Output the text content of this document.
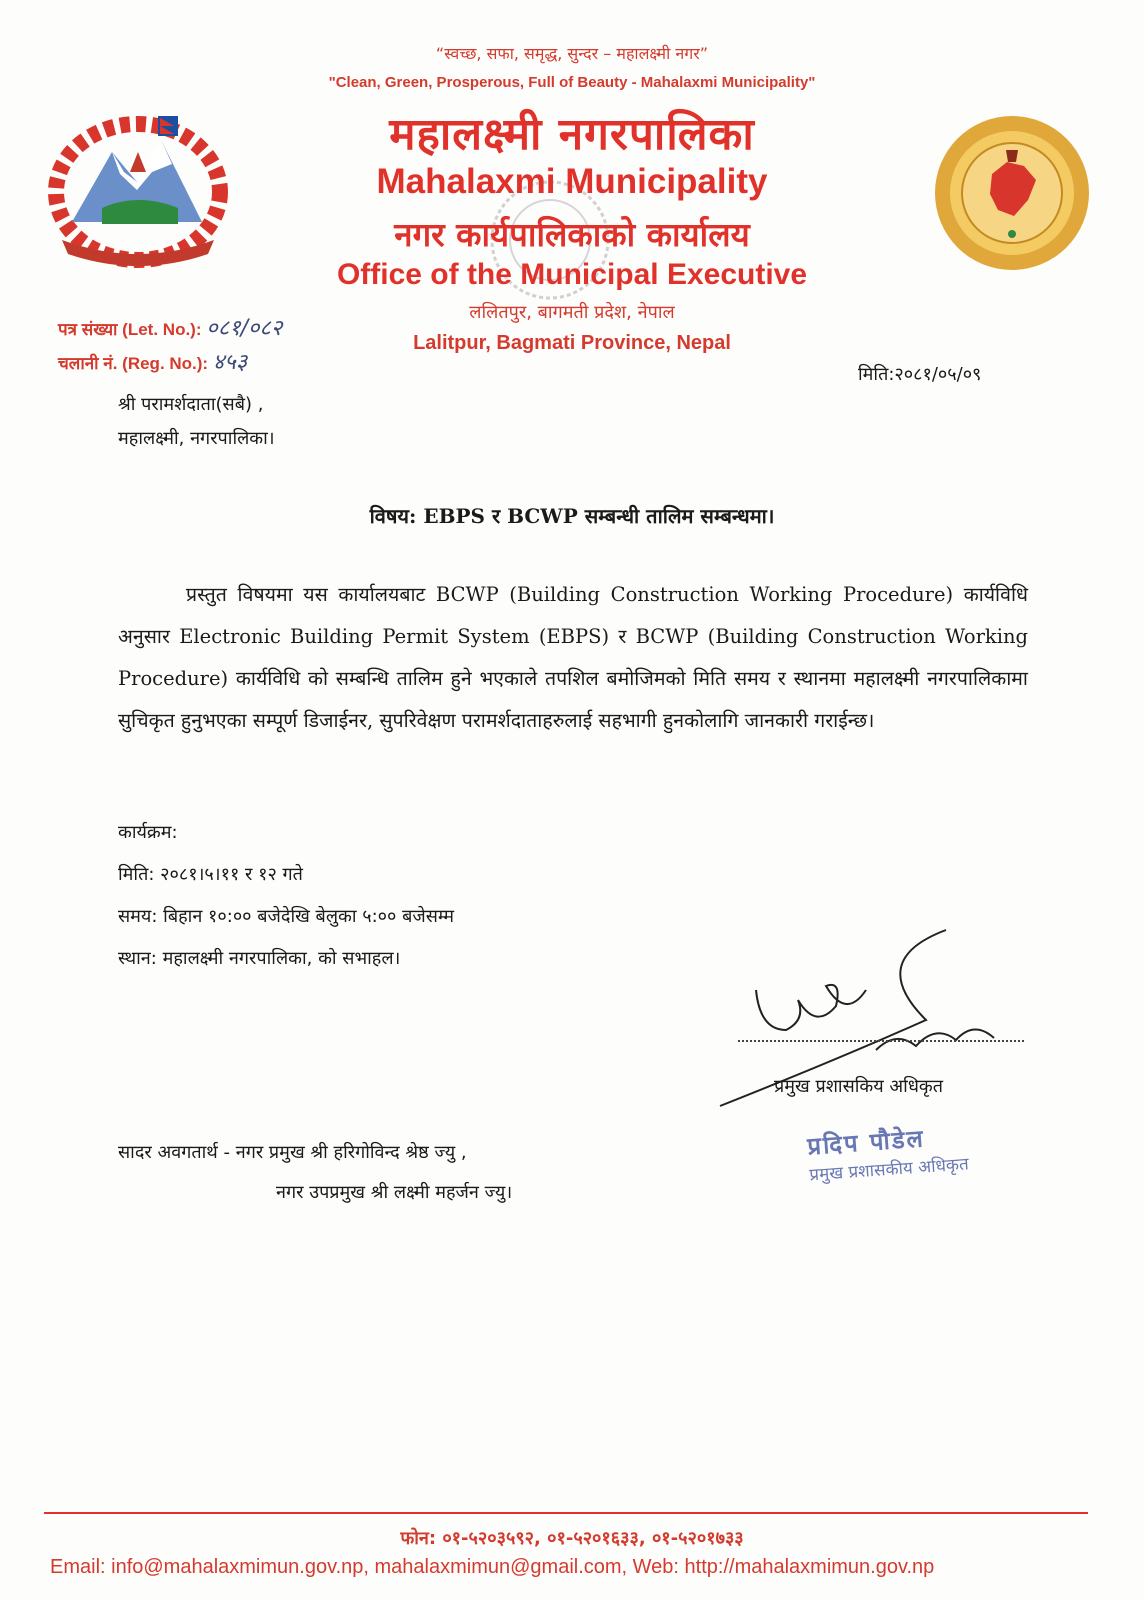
“स्वच्छ, सफा, समृद्ध, सुन्दर – महालक्ष्मी नगर”
"Clean, Green, Prosperous, Full of Beauty - Mahalaxmi Municipality"
महालक्ष्मी नगरपालिका
Mahalaxmi Municipality
नगर कार्यपालिकाको कार्यालय
Office of the Municipal Executive
ललितपुर, बागमती प्रदेश, नेपाल
Lalitpur, Bagmati Province, Nepal
पत्र संख्या (Let. No.): ०८१/०८२
चलानी नं. (Reg. No.): ४५३	मिति:२०८१/०५/०९
श्री परामर्शदाता(सबै) ,
महालक्ष्मी, नगरपालिका।
विषय: EBPS र BCWP सम्बन्धी तालिम सम्बन्धमा।
प्रस्तुत विषयमा यस कार्यालयबाट BCWP (Building Construction Working Procedure) कार्यविधि अनुसार Electronic Building Permit System (EBPS) र BCWP (Building Construction Working Procedure) कार्यविधि को सम्बन्धि तालिम हुने भएकाले तपशिल बमोजिमको मिति समय र स्थानमा महालक्ष्मी नगरपालिकामा सुचिकृत हुनुभएका सम्पूर्ण डिजाईनर, सुपरिवेक्षण परामर्शदाताहरुलाई सहभागी हुनकोलागि जानकारी गराईन्छ।
कार्यक्रम:
मिति: २०८१।५।११ र १२ गते
समय: बिहान १०:०० बजेदेखि बेलुका ५:०० बजेसम्म
स्थान: महालक्ष्मी नगरपालिका, को सभाहल।
प्रमुख प्रशासकिय अधिकृत
प्रदिप पौडेल
प्रमुख प्रशासकीय अधिकृत
सादर अवगतार्थ - नगर प्रमुख श्री हरिगोविन्द श्रेष्ठ ज्यु ,
नगर उपप्रमुख श्री लक्ष्मी महर्जन ज्यु।
फोन: ०१-५२०३५९२, ०१-५२०१६३३, ०१-५२०१७३३
Email: info@mahalaxmimun.gov.np, mahalaxmimun@gmail.com, Web: http://mahalaxmimun.gov.np
